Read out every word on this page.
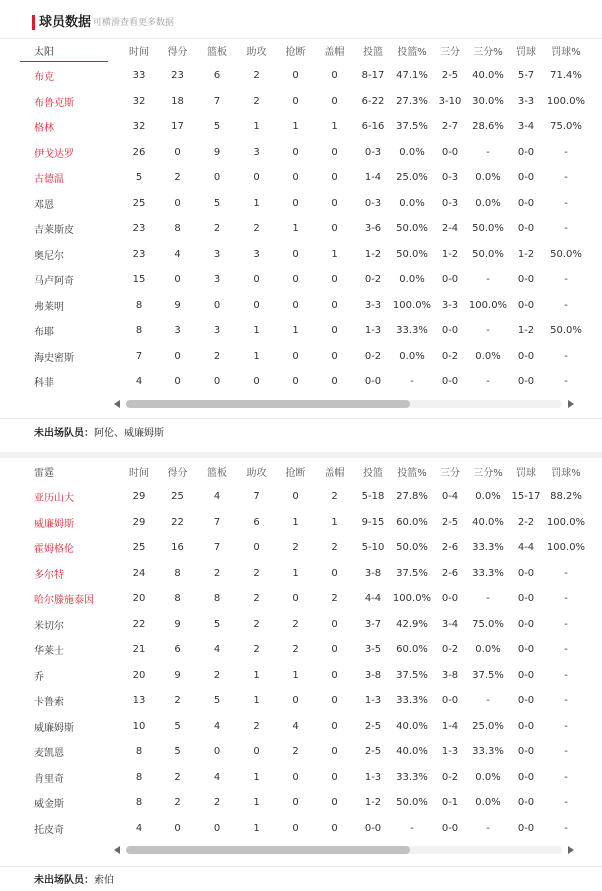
球员数据 可横滑查看更多数据
太阳	时间	得分	篮板	助攻	抢断	盖帽	投篮	投篮%	三分	三分%	罚球	罚球%
布克	33	23	6	2	0	0	8-17	47.1%	2-5	40.0%	5-7	71.4%
布鲁克斯	32	18	7	2	0	0	6-22	27.3%	3-10	30.0%	3-3	100.0%
格林	32	17	5	1	1	1	6-16	37.5%	2-7	28.6%	3-4	75.0%
伊戈达罗	26	0	9	3	0	0	0-3	0.0%	0-0	-	0-0	-
古德温	5	2	0	0	0	0	1-4	25.0%	0-3	0.0%	0-0	-
邓恩	25	0	5	1	0	0	0-3	0.0%	0-3	0.0%	0-0	-
吉莱斯皮	23	8	2	2	1	0	3-6	50.0%	2-4	50.0%	0-0	-
奥尼尔	23	4	3	3	0	1	1-2	50.0%	1-2	50.0%	1-2	50.0%
马卢阿奇	15	0	3	0	0	0	0-2	0.0%	0-0	-	0-0	-
弗莱明	8	9	0	0	0	0	3-3	100.0%	3-3	100.0%	0-0	-
布耶	8	3	3	1	1	0	1-3	33.3%	0-0	-	1-2	50.0%
海史密斯	7	0	2	1	0	0	0-2	0.0%	0-2	0.0%	0-0	-
科菲	4	0	0	0	0	0	0-0	-	0-0	-	0-0	-
未出场队员：阿伦、威廉姆斯
雷霆	时间	得分	篮板	助攻	抢断	盖帽	投篮	投篮%	三分	三分%	罚球	罚球%
亚历山大	29	25	4	7	0	2	5-18	27.8%	0-4	0.0%	15-17 88.2%
威廉姆斯	29	22	7	6	1	1	9-15	60.0%	2-5	40.0%	2-2	100.0%
霍姆格伦	25	16	7	0	2	2	5-10	50.0%	2-6	33.3%	4-4	100.0%
多尔特	24	8	2	2	1	0	3-8	37.5%	2-6	33.3%	0-0	-
哈尔滕施泰因	20	8	8	2	0	2	4-4	100.0%	0-0	-	0-0	-
米切尔	22	9	5	2	2	0	3-7	42.9%	3-4	75.0%	0-0	-
华莱士	21	6	4	2	2	0	3-5	60.0%	0-2	0.0%	0-0	-
乔	20	9	2	1	1	0	3-8	37.5%	3-8	37.5%	0-0	-
卡鲁索	13	2	5	1	0	0	1-3	33.3%	0-0	-	0-0	-
威廉姆斯	10	5	4	2	4	0	2-5	40.0%	1-4	25.0%	0-0	-
麦凯恩	8	5	0	0	2	0	2-5	40.0%	1-3	33.3%	0-0	-
肯里奇	8	2	4	1	0	0	1-3	33.3%	0-2	0.0%	0-0	-
威金斯	8	2	2	1	0	0	1-2	50.0%	0-1	0.0%	0-0	-
托皮奇	4	0	0	1	0	0	0-0	-	0-0	-	0-0	-
未出场队员：索伯
